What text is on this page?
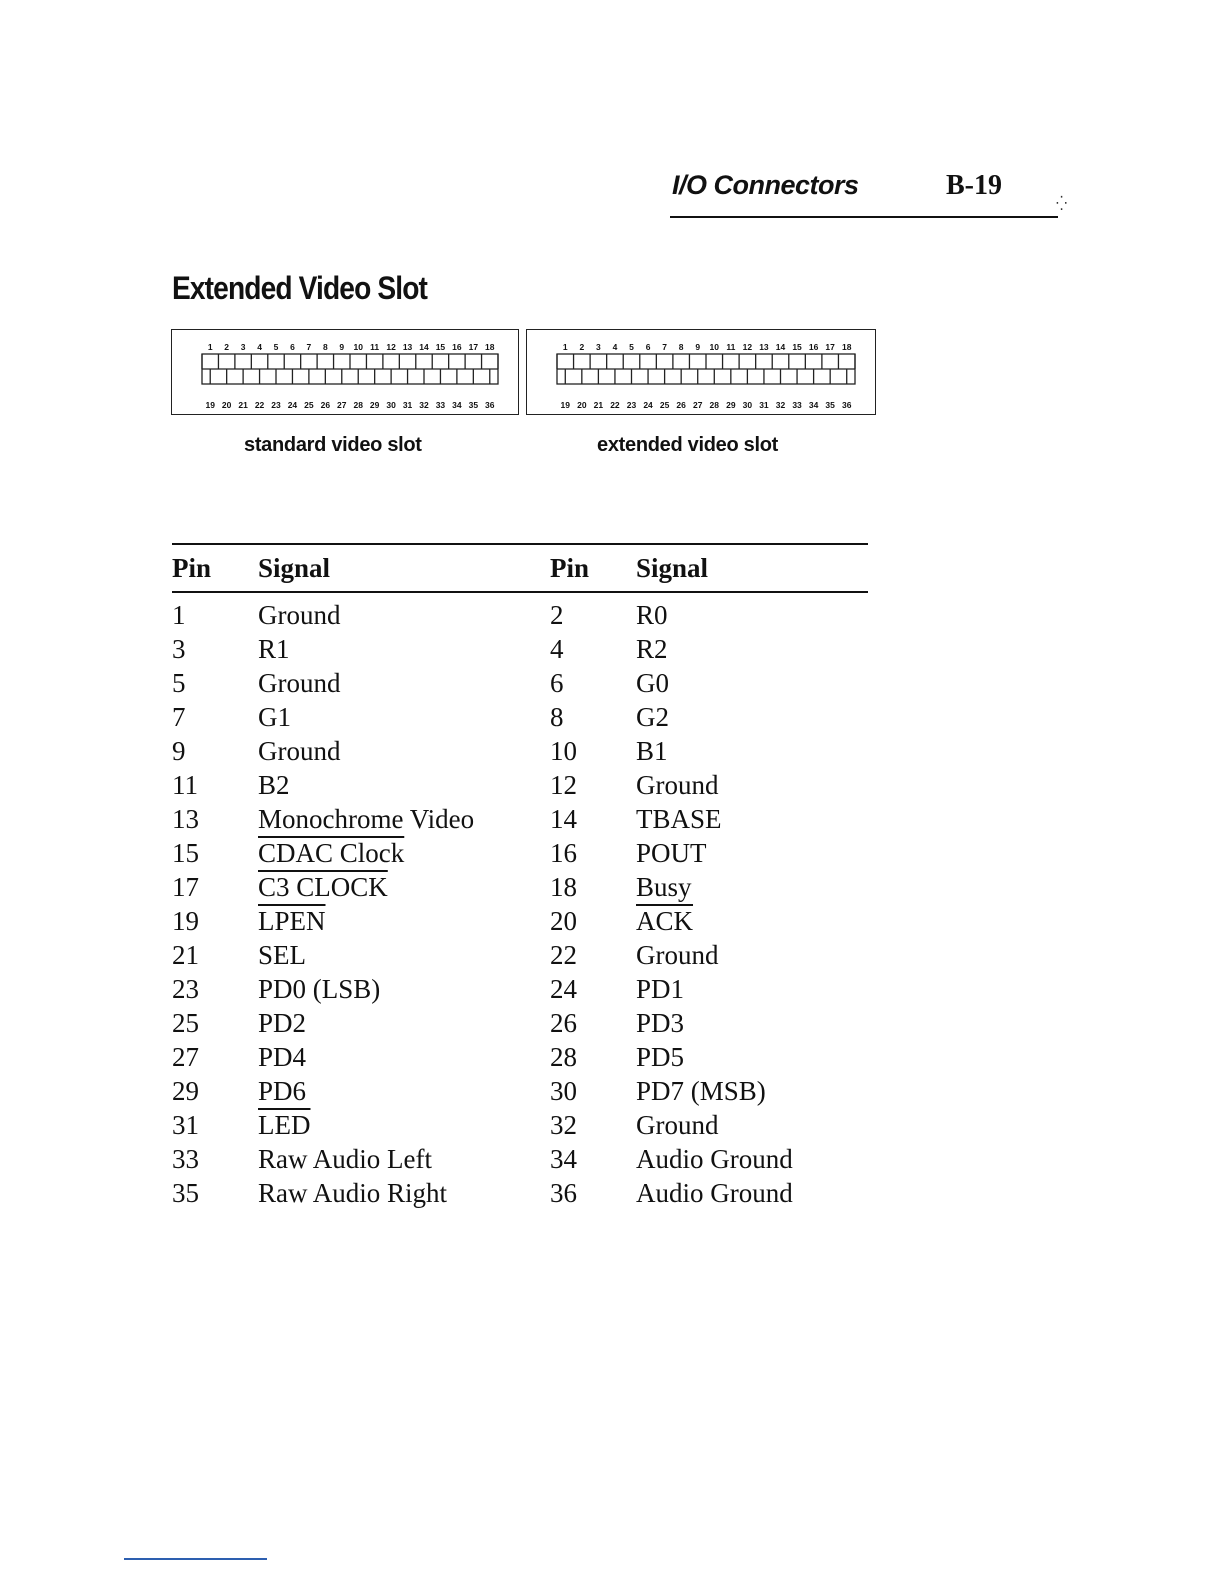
I/O Connectors	B-19
⁛
Extended Video Slot
1 2 3 4 5 6 7 8 9 10 11 12 13 14 15 16 17 18
19 20 21 22 23 24 25 26 27 28 29 30 31 32 33 34 35 36
1 2 3 4 5 6 7 8 9 10 11 12 13 14 15 16 17 18
19 20 21 22 23 24 25 26 27 28 29 30 31 32 33 34 35 36
standard video slot	extended video slot
Pin Signal	Pin Signal
1	Ground	2	R0
3	R1	4	R2
5	Ground	6	G0
7	G1	8	G2
9	Ground	10 B1
11 B2	12 Ground
13 Monochrome Video	14 TBASE
15 CDAC Clock	16 POUT
17 C3 CLOCK	18 Busy
19 LPEN	20 $\overline{ACK}$
21 SEL	22 Ground
23 PD0 (LSB)	24 PD1
25 PD2	26 PD3
27 PD4	28 PD5
29 PD6	30 PD7 (MSB)
31 $\overline{LED}$	32 Ground
33 Raw Audio Left	34 Audio Ground
35 Raw Audio Right	36 Audio Ground
